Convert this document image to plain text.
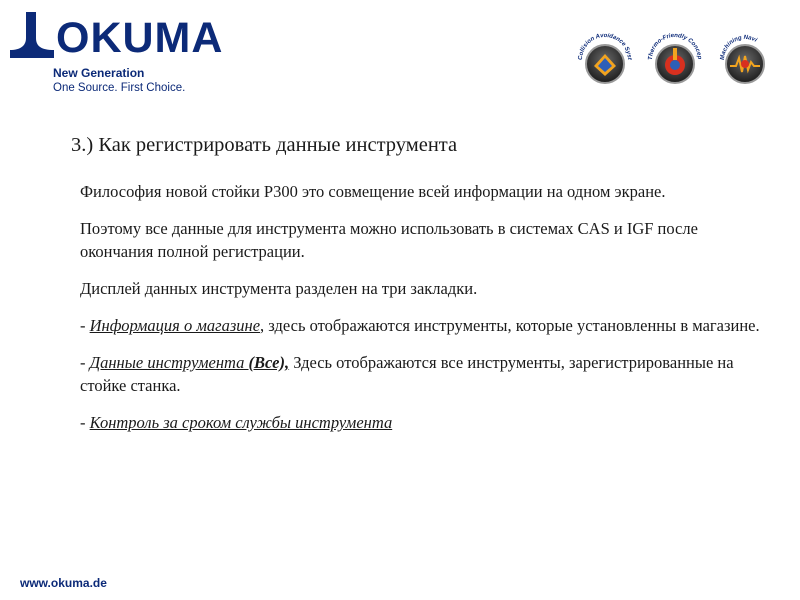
OKUMA
New Generation
One Source. First Choice.
Collision Avoidance Syst	Thermo-Friendly Concep	Machining Navi
3.) Как регистрировать данные инструмента

Философия новой стойки P300 это совмещение всей информации на одном экране.

Поэтому все данные для инструмента можно использовать в системах CAS и IGF после окончания полной регистрации.

Дисплей данных инструмента разделен на три закладки.

- Информация о магазине, здесь отображаются инструменты, которые установленны в магазине.

- Данные инструмента (Все), Здесь отображаются все инструменты, зарегистрированные на стойке станка.

- Контроль за сроком службы инструмента

www.okuma.de
